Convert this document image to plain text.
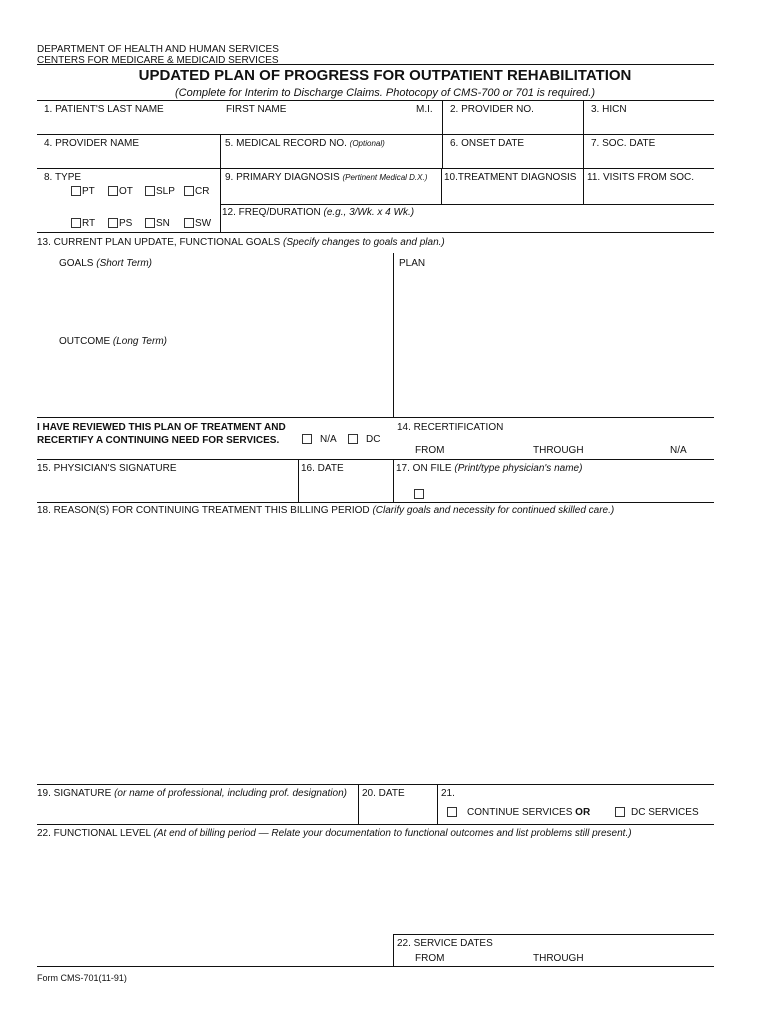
DEPARTMENT OF HEALTH AND HUMAN SERVICES
CENTERS FOR MEDICARE & MEDICAID SERVICES
UPDATED PLAN OF PROGRESS FOR OUTPATIENT REHABILITATION
(Complete for Interim to Discharge Claims. Photocopy of CMS-700 or 701 is required.)
1. PATIENT'S LAST NAME	FIRST NAME	M.I. 2. PROVIDER NO.	3. HICN
4. PROVIDER NAME	5. MEDICAL RECORD NO. (Optional)	6. ONSET DATE	7. SOC. DATE
8. TYPE
PT OT SLP CR
RT PS SN	SW
9. PRIMARY DIAGNOSIS (Pertinent Medical D.X.) 10.TREATMENT DIAGNOSIS 11. VISITS FROM SOC.
12. FREQ/DURATION (e.g., 3/Wk. x 4 Wk.)
13. CURRENT PLAN UPDATE, FUNCTIONAL GOALS (Specify changes to goals and plan.)
GOALS (Short Term)	PLAN
OUTCOME (Long Term)
I HAVE REVIEWED THIS PLAN OF TREATMENT AND
RECERTIFY A CONTINUING NEED FOR SERVICES.	N/A	DC
14. RECERTIFICATION
FROM	THROUGH	N/A
15. PHYSICIAN'S SIGNATURE	16. DATE	17. ON FILE (Print/type physician's name)
18. REASON(S) FOR CONTINUING TREATMENT THIS BILLING PERIOD (Clarify goals and necessity for continued skilled care.)
19. SIGNATURE (or name of professional, including prof. designation) 20. DATE	21.
CONTINUE SERVICES OR	DC SERVICES
22. FUNCTIONAL LEVEL (At end of billing period — Relate your documentation to functional outcomes and list problems still present.)
22. SERVICE DATES
FROM	THROUGH
Form CMS-701(11-91)
